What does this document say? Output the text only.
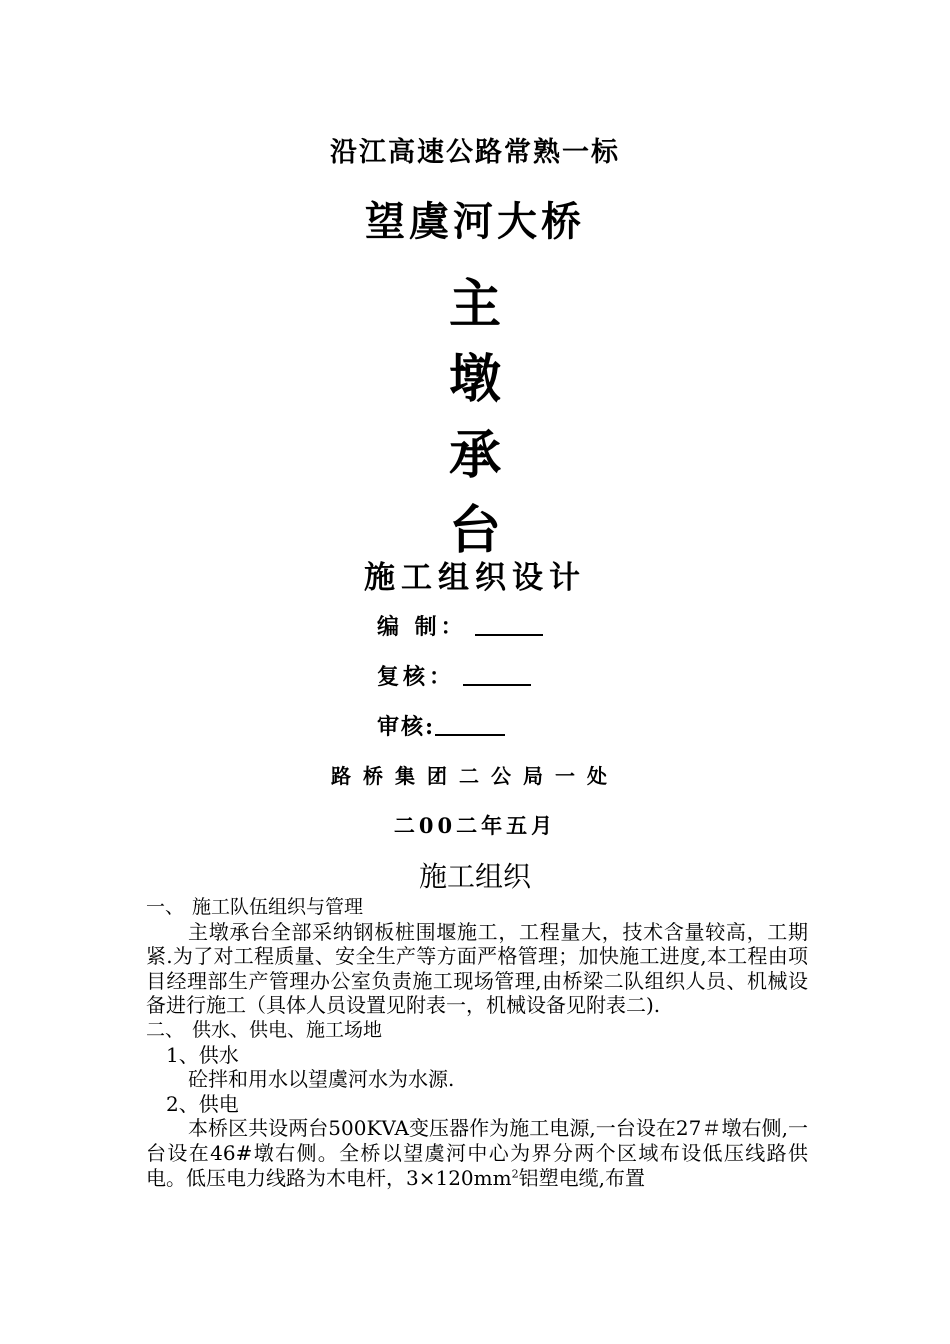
沿江高速公路常熟一标
望虞河大桥
主
墩
承
台
施工组织设计
编 制：
复核：
审核:
路桥集团二公局一处
二00二年五月
施工组织

一、 施工队伍组织与管理

主墩承台全部采纳钢板桩围堰施工，工程量大，技术含量较高，工期紧.为了对工程质量、安全生产等方面严格管理；加快施工进度,本工程由项目经理部生产管理办公室负责施工现场管理,由桥梁二队组织人员、机械设备进行施工（具体人员设置见附表一，机械设备见附表二).

二、 供水、供电、施工场地

1、供水

砼拌和用水以望虞河水为水源.

2、供电

本桥区共设两台500KVA变压器作为施工电源,一台设在27＃墩右侧,一台设在46#墩右侧。全桥以望虞河中心为界分两个区域布设低压线路供电。低压电力线路为木电杆，$3\times 120mm^2$铝塑电缆,布置
